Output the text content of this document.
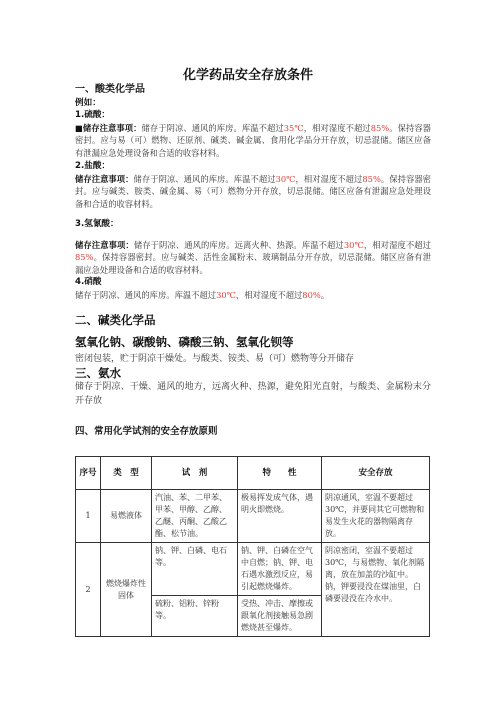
化学药品安全存放条件
一、酸类化学品
例如：
1.硫酸：
■储存注意事项：储存于阴凉、通风的库房。库温不超过35℃，相对湿度不超过85%。保持容器密封。应与易（可）燃物、还原剂、碱类、碱金属、食用化学品分开存放，切忌混储。储区应备有泄漏应急处理设备和合适的收容材料。
2.盐酸：
储存注意事项：储存于阴凉、通风的库房。库温不超过30℃，相对湿度不超过85%。保持容器密封。应与碱类、胺类、碱金属、易（可）燃物分开存放，切忌混储。储区应备有泄漏应急处理设备和合适的收容材料。
3.氢氰酸：
储存注意事项：储存于阴凉、通风的库房。远离火种、热源。库温不超过30℃，相对湿度不超过85%。保持容器密封。应与碱类、活性金属粉末、玻璃制品分开存放，切忌混储。储区应备有泄漏应急处理设备和合适的收容材料。
4.硝酸
储存于阴凉、通风的库房。库温不超过30℃，相对湿度不超过80%。
二、碱类化学品
氢氧化钠、碳酸钠、磷酸三钠、氢氧化钡等
密闭包装，贮于阴凉干燥处。与酸类、铵类、易（可）燃物等分开储存
三、氨水
储存于阴凉、干燥、通风的地方，远离火种、热源，避免阳光直射，与酸类、金属粉末分开存放
四、常用化学试剂的安全存放原则
序号	类　型	试　剂	特　　性	安全存放
1	易燃液体	汽油、苯、二甲苯、甲苯、甲醇、乙醇、乙醚、丙酮、乙酸乙酯、松节油。	极易挥发成气体，遇明火即燃烧。	阴凉通风，室温不要超过30℃，并要同其它可燃物和易发生火花的器物隔离存放。
2	燃烧爆炸性固体	钠、钾、白磷、电石等。	钠、钾、白磷在空气中自燃；钠、钾、电石遇水激烈反应，易引起燃烧爆炸。	阴凉密闭，室温不要超过30℃，与易燃物、氧化剂隔离，放在加盖的沙缸中。钠，钾要浸没在煤油里，白磷要浸没在冷水中。
		硫粉、铝粉、锌粉等。	受热、冲击、摩擦或跟氧化剂接触易急剧燃烧甚至爆炸。	
